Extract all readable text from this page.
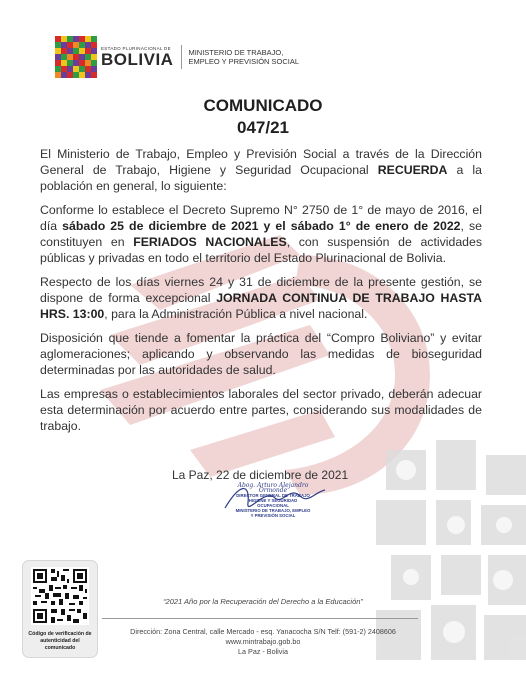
ESTADO PLURINACIONAL DE
BOLIVIA MINISTERIO DE TRABAJO,
EMPLEO Y PREVISIÓN SOCIAL
COMUNICADO
047/21

El Ministerio de Trabajo, Empleo y Previsión Social a través de la Dirección General de Trabajo, Higiene y Seguridad Ocupacional RECUERDA a la población en general, lo siguiente:

Conforme lo establece el Decreto Supremo N° 2750 de 1° de mayo de 2016, el día sábado 25 de diciembre de 2021 y el sábado 1° de enero de 2022, se constituyen en FERIADOS NACIONALES, con suspensión de actividades públicas y privadas en todo el territorio del Estado Plurinacional de Bolivia.

Respecto de los días viernes 24 y 31 de diciembre de la presente gestión, se dispone de forma excepcional JORNADA CONTINUA DE TRABAJO HASTA HRS. 13:00, para la Administración Pública a nivel nacional.

Disposición que tiende a fomentar la práctica del “Compro Boliviano” y evitar aglomeraciones; aplicando y observando las medidas de bioseguridad determinadas por las autoridades de salud.

Las empresas o establecimientos laborales del sector privado, deberán adecuar esta determinación por acuerdo entre partes, considerando sus modalidades de trabajo.

La Paz, 22 de diciembre de 2021
Abog. Arturo Alejandro Ormonde
DIRECTOR GENERAL DE TRABAJO
HIGIENE Y SEGURIDAD OCUPACIONAL
MINISTERIO DE TRABAJO, EMPLEO
Y PREVISIÓN SOCIAL
Código de verificación de
autenticidad del comunicado
“2021 Año por la Recuperación del Derecho a la Educación”
Dirección: Zona Central, calle Mercado - esq. Yanacocha S/N Telf: (591-2) 2408606
www.mintrabajo.gob.bo
La Paz - Bolivia
